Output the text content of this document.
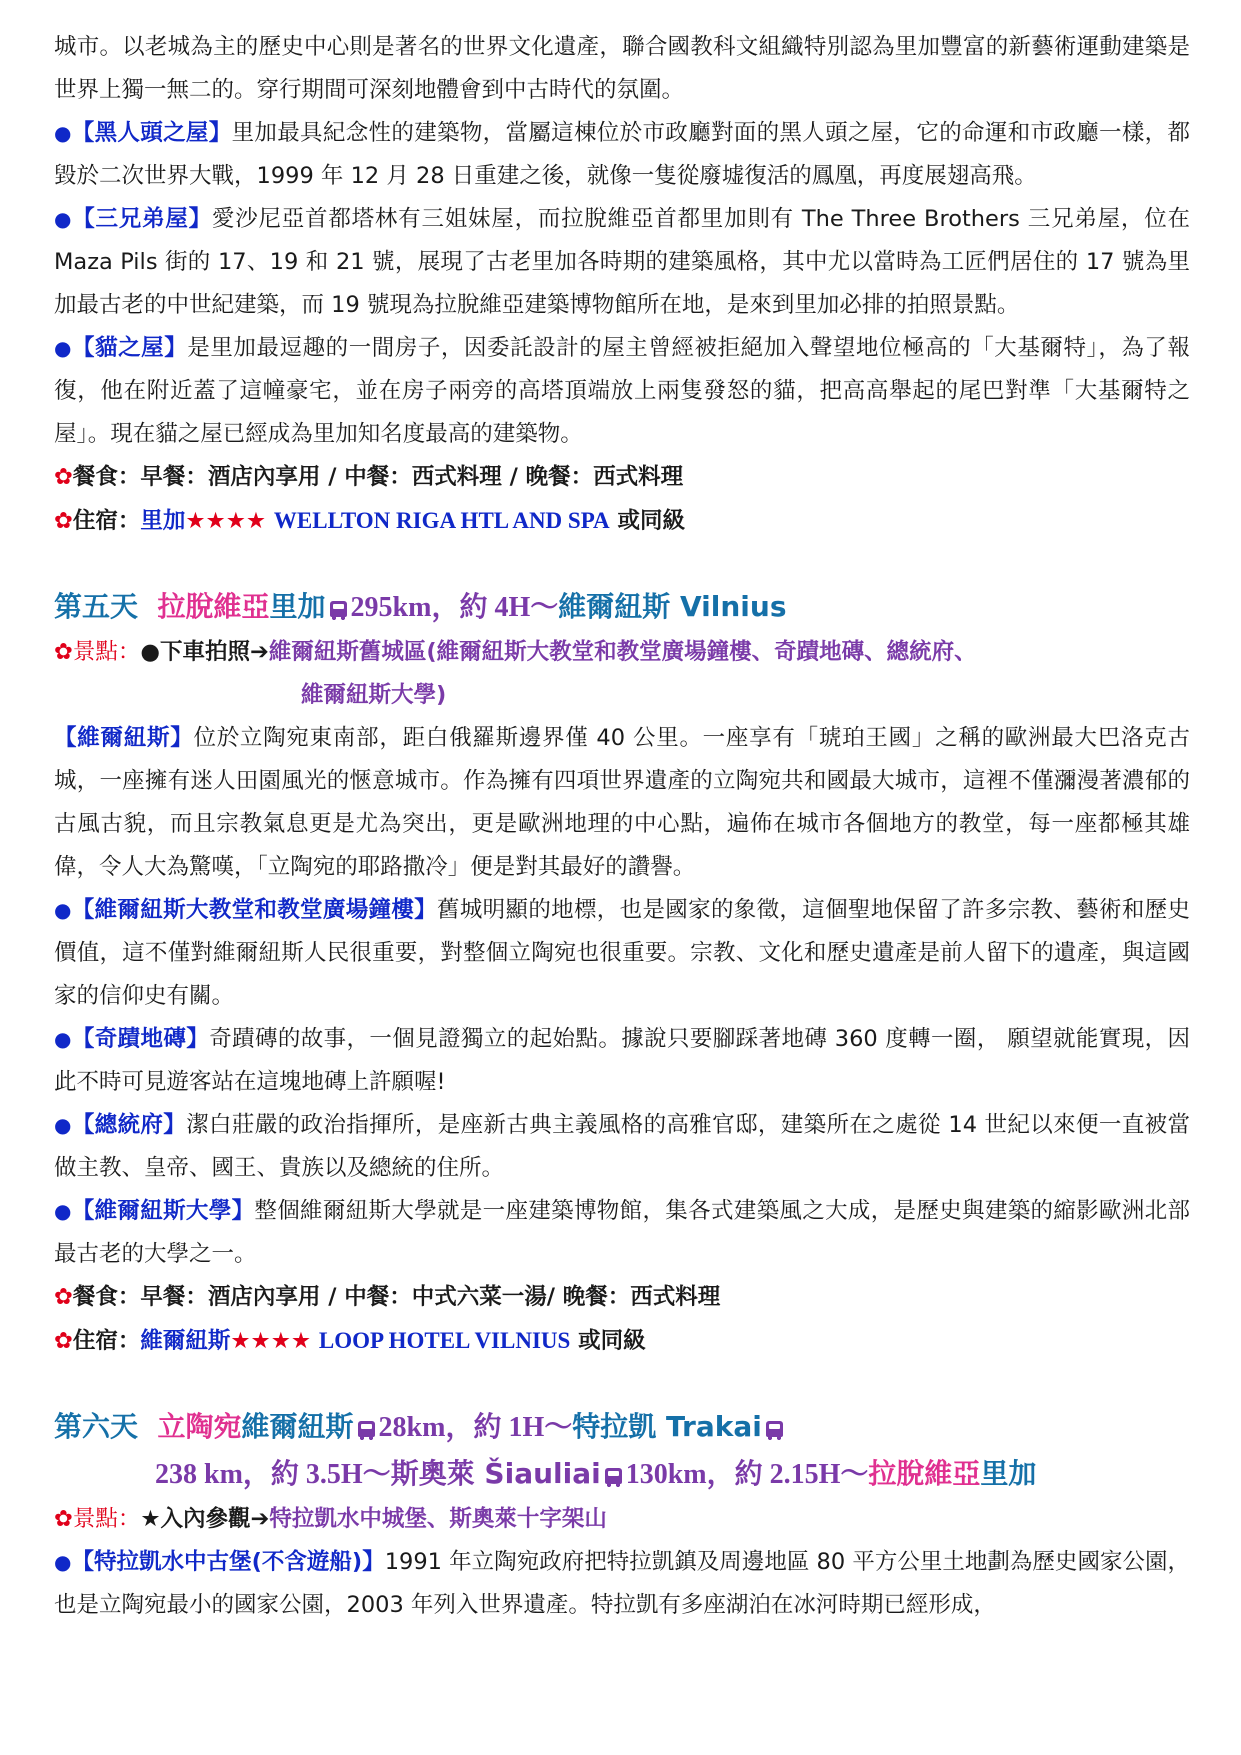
城市。以老城為主的歷史中心則是著名的世界文化遺產，聯合國教科文組織特別認為里加豐富的新藝術運動建築是世界上獨一無二的。穿行期間可深刻地體會到中古時代的氛圍。

●【黑人頭之屋】里加最具紀念性的建築物，當屬這棟位於市政廳對面的黑人頭之屋，它的命運和市政廳一樣，都毀於二次世界大戰，1999 年 12 月 28 日重建之後，就像一隻從廢墟復活的鳳凰，再度展翅高飛。

●【三兄弟屋】愛沙尼亞首都塔林有三姐妹屋，而拉脫維亞首都里加則有 The Three Brothers 三兄弟屋，位在 Maza Pils 街的 17、19 和 21 號，展現了古老里加各時期的建築風格，其中尤以當時為工匠們居住的 17 號為里加最古老的中世紀建築，而 19 號現為拉脫維亞建築博物館所在地，是來到里加必排的拍照景點。

●【貓之屋】是里加最逗趣的一間房子，因委託設計的屋主曾經被拒絕加入聲望地位極高的「大基爾特」，為了報復，他在附近蓋了這幢豪宅，並在房子兩旁的高塔頂端放上兩隻發怒的貓，把高高舉起的尾巴對準「大基爾特之屋」。現在貓之屋已經成為里加知名度最高的建築物。

✿餐食：早餐：酒店內享用 / 中餐：西式料理 / 晚餐：西式料理

✿住宿：里加★★★★ WELLTON RIGA HTL AND SPA 或同級

第五天 拉脫維亞里加 295km，約 4H～維爾紐斯 Vilnius

✿景點：●下車拍照➔維爾紐斯舊城區(維爾紐斯大教堂和教堂廣場鐘樓、奇蹟地磚、總統府、

維爾紐斯大學)

【維爾紐斯】位於立陶宛東南部，距白俄羅斯邊界僅 40 公里。一座享有「琥珀王國」之稱的歐洲最大巴洛克古城，一座擁有迷人田園風光的愜意城市。作為擁有四項世界遺產的立陶宛共和國最大城市，這裡不僅瀰漫著濃郁的古風古貌，而且宗教氣息更是尤為突出，更是歐洲地理的中心點，遍佈在城市各個地方的教堂，每一座都極其雄偉，令人大為驚嘆，「立陶宛的耶路撒冷」便是對其最好的讚譽。

●【維爾紐斯大教堂和教堂廣場鐘樓】舊城明顯的地標，也是國家的象徵，這個聖地保留了許多宗教、藝術和歷史價值，這不僅對維爾紐斯人民很重要，對整個立陶宛也很重要。宗教、文化和歷史遺產是前人留下的遺產，與這國家的信仰史有關。

●【奇蹟地磚】奇蹟磚的故事，一個見證獨立的起始點。據說只要腳踩著地磚 360 度轉一圈， 願望就能實現，因此不時可見遊客站在這塊地磚上許願喔!

●【總統府】潔白莊嚴的政治指揮所，是座新古典主義風格的高雅官邸，建築所在之處從 14 世紀以來便一直被當做主教、皇帝、國王、貴族以及總統的住所。

●【維爾紐斯大學】整個維爾紐斯大學就是一座建築博物館，集各式建築風之大成，是歷史與建築的縮影歐洲北部最古老的大學之一。

✿餐食：早餐：酒店內享用 / 中餐：中式六菜一湯/ 晚餐：西式料理

✿住宿：維爾紐斯★★★★ LOOP HOTEL VILNIUS 或同級

第六天 立陶宛維爾紐斯 28km，約 1H～特拉凱 Trakai

238 km，約 3.5H～斯奧萊 Šiauliai 130km，約 2.15H～拉脫維亞里加

✿景點：★入內參觀➔特拉凱水中城堡、斯奧萊十字架山

●【特拉凱水中古堡(不含遊船)】1991 年立陶宛政府把特拉凱鎮及周邊地區 80 平方公里土地劃為歷史國家公園，也是立陶宛最小的國家公園，2003 年列入世界遺產。特拉凱有多座湖泊在冰河時期已經形成，
